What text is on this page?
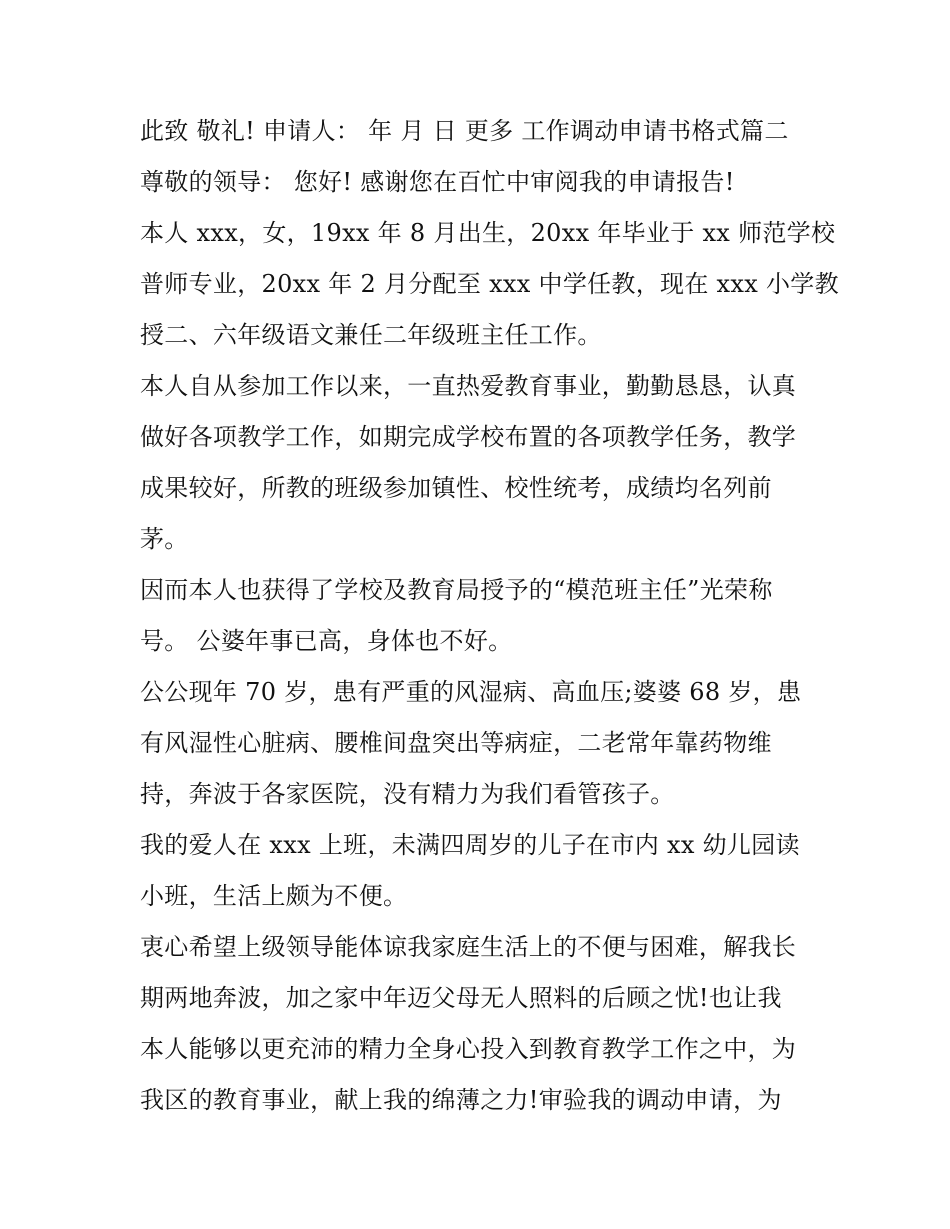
此致 敬礼! 申请人： 年 月 日 更多 工作调动申请书格式篇二
尊敬的领导： 您好! 感谢您在百忙中审阅我的申请报告!
本人 xxx，女，19xx 年 8 月出生，20xx 年毕业于 xx 师范学校
普师专业，20xx 年 2 月分配至 xxx 中学任教，现在 xxx 小学教
授二、六年级语文兼任二年级班主任工作。
本人自从参加工作以来，一直热爱教育事业，勤勤恳恳，认真
做好各项教学工作，如期完成学校布置的各项教学任务，教学
成果较好，所教的班级参加镇性、校性统考，成绩均名列前
茅。
因而本人也获得了学校及教育局授予的“模范班主任”光荣称
号。 公婆年事已高，身体也不好。
公公现年 70 岁，患有严重的风湿病、高血压;婆婆 68 岁，患
有风湿性心脏病、腰椎间盘突出等病症，二老常年靠药物维
持，奔波于各家医院，没有精力为我们看管孩子。
我的爱人在 xxx 上班，未满四周岁的儿子在市内 xx 幼儿园读
小班，生活上颇为不便。
衷心希望上级领导能体谅我家庭生活上的不便与困难，解我长
期两地奔波，加之家中年迈父母无人照料的后顾之忧!也让我
本人能够以更充沛的精力全身心投入到教育教学工作之中，为
我区的教育事业，献上我的绵薄之力!审验我的调动申请，为
